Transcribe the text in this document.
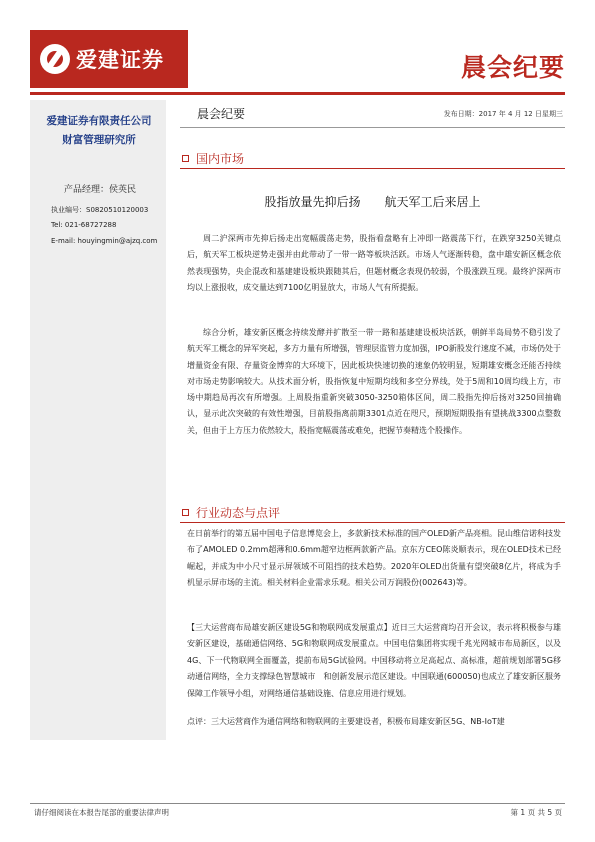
爱建证券	晨会纪要
爱建证券有限责任公司
财富管理研究所
产品经理：侯英民
执业编号：S0820510120003
Tel: 021-68727288
E-mail: houyingmin@ajzq.com
晨会纪要	发布日期：2017 年 4 月 12 日星期三
国内市场
股指放量先抑后扬　　航天军工后来居上

周二沪深两市先抑后扬走出宽幅震荡走势，股指看盘略有上冲即一路震荡下行，在跌穿3250关键点后，航天军工板块逆势走强并由此带动了一带一路等板块活跃。市场人气逐渐转稳，盘中雄安新区概念依然表现强势，央企混改和基建建设板块跟随其后，但题材概念表现仍较弱，个股涨跌互现。最终沪深两市均以上涨报收，成交量达到7100亿明显放大，市场人气有所提振。

综合分析，雄安新区概念持续发酵并扩散至一带一路和基建建设板块活跃，朝鲜半岛局势不稳引发了航天军工概念的异军突起，多方力量有所增强，管理层监管力度加强，IPO新股发行速度不减，市场仍处于增量资金有限、存量资金博弈的大环境下，因此板块快速切换的速象仍较明显，短期雄安概念还能否持续对市场走势影响较大。从技术面分析，股指恢复中短期均线和多空分界线，处于5周和10周均线上方，市场中期趋局再次有所增强。上周股指重新突破3050-3250箱体区间，周二股指先抑后扬对3250回抽确认，显示此次突破的有效性增强，目前股指离前期3301点近在咫尺，预期短期股指有望挑战3300点整数关，但由于上方压力依然较大，股指宽幅震荡或难免，把握节奏精选个股操作。

行业动态与点评

在日前举行的第五届中国电子信息博览会上，多款新技术标准的国产OLED新产品亮相。昆山维信诺科技发布了AMOLED 0.2mm超薄和0.6mm超窄边框两款新产品。京东方CEO陈炎顺表示，现在OLED技术已经崛起，并成为中小尺寸显示屏领域不可阻挡的技术趋势。2020年OLED出货量有望突破8亿片，将成为手机显示屏市场的主流。相关材料企业需求乐观。相关公司万润股份(002643)等。

【三大运营商布局雄安新区建设5G和物联网成发展重点】近日三大运营商均召开会议，表示将积极参与雄安新区建设，基础通信网络、5G和物联网成发展重点。中国电信集团将实现千兆光网城市布局新区，以及4G、下一代物联网全面覆盖，提前布局5G试验网。中国移动将立足高起点、高标准，超前规划部署5G移动通信网络，全力支撑绿色智慧城市　和创新发展示范区建设。中国联通(600050)也成立了雄安新区服务保障工作领导小组，对网络通信基础设施、信息应用进行规划。

点评：三大运营商作为通信网络和物联网的主要建设者，积极布局雄安新区5G、NB-IoT建

请仔细阅读在本报告尾部的重要法律声明	第 1 页 共 5 页
